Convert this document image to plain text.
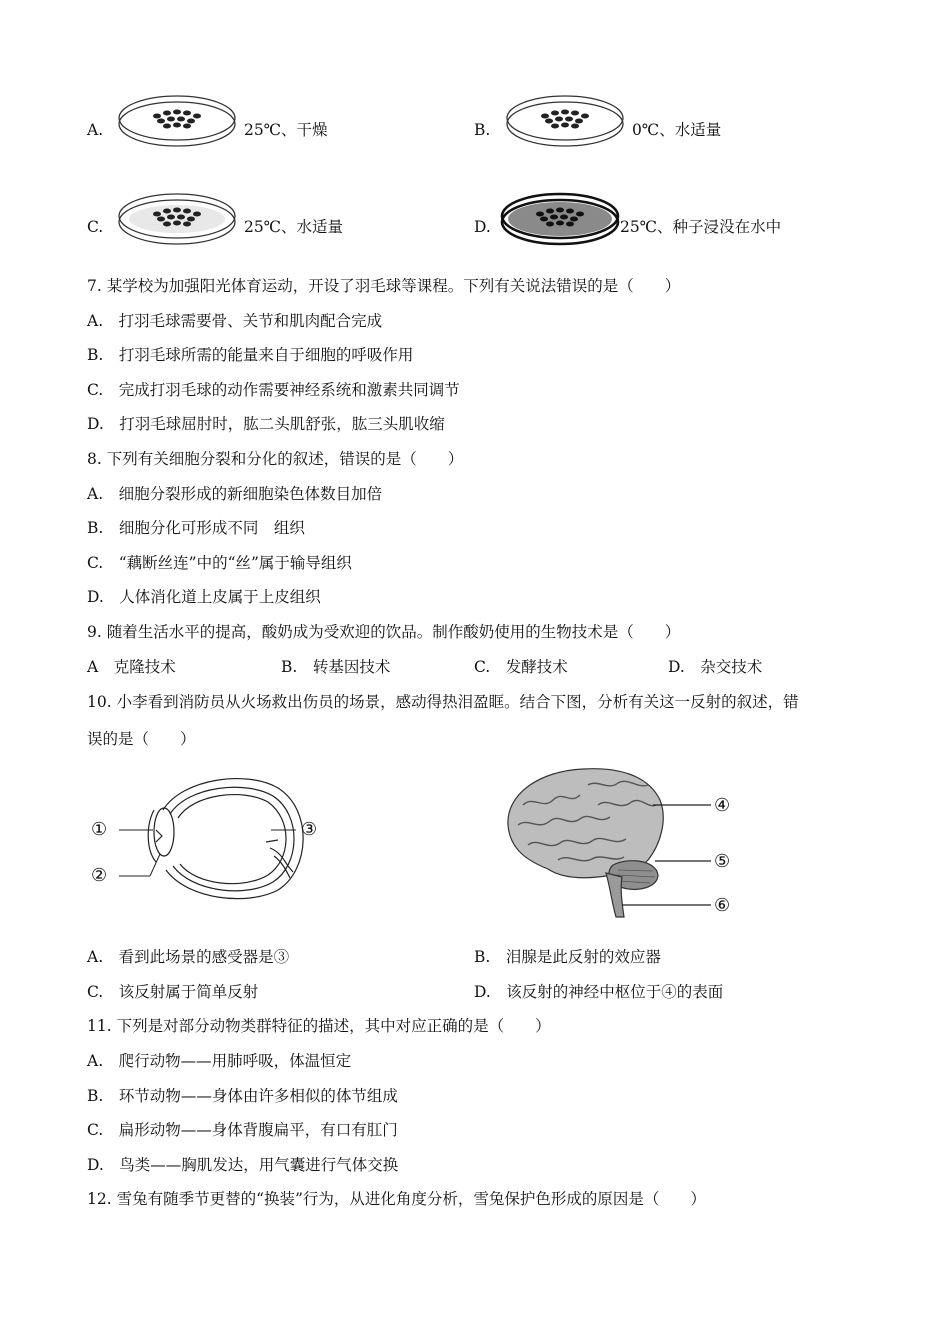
A.	25℃、干燥	B.	0℃、水适量
C.	25℃、水适量	D.	25℃、种子浸没在水中
7. 某学校为加强阳光体育运动，开设了羽毛球等课程。下列有关说法错误的是（　　）
A.　打羽毛球需要骨、关节和肌肉配合完成
B.　打羽毛球所需的能量来自于细胞的呼吸作用
C.　完成打羽毛球的动作需要神经系统和激素共同调节
D.　打羽毛球屈肘时，肱二头肌舒张，肱三头肌收缩
8. 下列有关细胞分裂和分化的叙述，错误的是（　　）
A.　细胞分裂形成的新细胞染色体数目加倍
B.　细胞分化可形成不同　组织
C.　“藕断丝连”中的“丝”属于输导组织
D.　人体消化道上皮属于上皮组织
9. 随着生活水平的提高，酸奶成为受欢迎的饮品。制作酸奶使用的生物技术是（　　）
A　克隆技术	B.　转基因技术	C.　发酵技术	D.　杂交技术
10. 小李看到消防员从火场救出伤员的场景，感动得热泪盈眶。结合下图，分析有关这一反射的叙述，错
误的是（　　）
①
②
③
④
⑤
⑥
A.　看到此场景的感受器是③	B.　泪腺是此反射的效应器
C.　该反射属于简单反射	D.　该反射的神经中枢位于④的表面
11. 下列是对部分动物类群特征的描述，其中对应正确的是（　　）
A.　爬行动物——用肺呼吸，体温恒定
B.　环节动物——身体由许多相似的体节组成
C.　扁形动物——身体背腹扁平，有口有肛门
D.　鸟类——胸肌发达，用气囊进行气体交换
12. 雪兔有随季节更替的“换装”行为，从进化角度分析，雪兔保护色形成的原因是（　　）
